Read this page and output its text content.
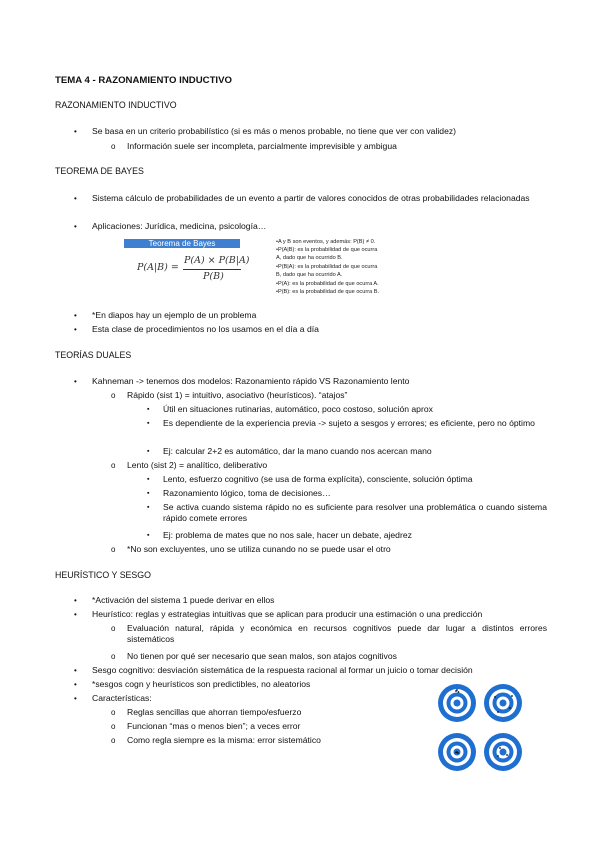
TEMA 4 - RAZONAMIENTO INDUCTIVO
RAZONAMIENTO INDUCTIVO
• Se basa en un criterio probabilístico (si es más o menos probable, no tiene que ver con validez)
o Información suele ser incompleta, parcialmente imprevisible y ambigua
TEOREMA DE BAYES
• Sistema cálculo de probabilidades de un evento a partir de valores conocidos de otras probabilidades relacionadas
• Aplicaciones: Jurídica, medicina, psicología…
Teorema de Bayes
P(A|B) =
P(A) × P(B|A)
P(B)
•A y B son eventos, y además: P(B) ≠ 0.
•P(A|B): es la probabilidad de que ocurra
A, dado que ha ocurrido B.
•P(B|A): es la probabilidad de que ocurra
B, dado que ha ocurrido A.
•P(A): es la probabilidad de que ocurra A.
•P(B): es la probabilidad de que ocurra B.
• *En diapos hay un ejemplo de un problema
• Esta clase de procedimientos no los usamos en el día a día
TEORÍAS DUALES
• Kahneman -> tenemos dos modelos: Razonamiento rápido VS Razonamiento lento
o Rápido (sist 1) = intuitivo, asociativo (heurísticos). “atajos”
▪ Útil en situaciones rutinarias, automático, poco costoso, solución aprox
▪ Es dependiente de la experiencia previa -> sujeto a sesgos y errores; es eficiente, pero no óptimo
▪ Ej: calcular 2+2 es automático, dar la mano cuando nos acercan mano
o Lento (sist 2) = analítico, deliberativo
▪ Lento, esfuerzo cognitivo (se usa de forma explícita), consciente, solución óptima
▪ Razonamiento lógico, toma de decisiones…
▪ Se activa cuando sistema rápido no es suficiente para resolver una problemática o cuando sistema rápido comete errores
▪ Ej: problema de mates que no nos sale, hacer un debate, ajedrez
o *No son excluyentes, uno se utiliza cunando no se puede usar el otro
HEURÍSTICO Y SESGO
• *Activación del sistema 1 puede derivar en ellos
• Heurístico: reglas y estrategias intuitivas que se aplican para producir una estimación o una predicción
o Evaluación natural, rápida y económica en recursos cognitivos puede dar lugar a distintos errores sistemáticos
o No tienen por qué ser necesario que sean malos, son atajos cognitivos
• Sesgo cognitivo: desviación sistemática de la respuesta racional al formar un juicio o tomar decisión
• *sesgos cogn y heurísticos son predictibles, no aleatorios
• Características:
o Reglas sencillas que ahorran tiempo/esfuerzo
o Funcionan “mas o menos bien”; a veces error
o Como regla siempre es la misma: error sistemático
